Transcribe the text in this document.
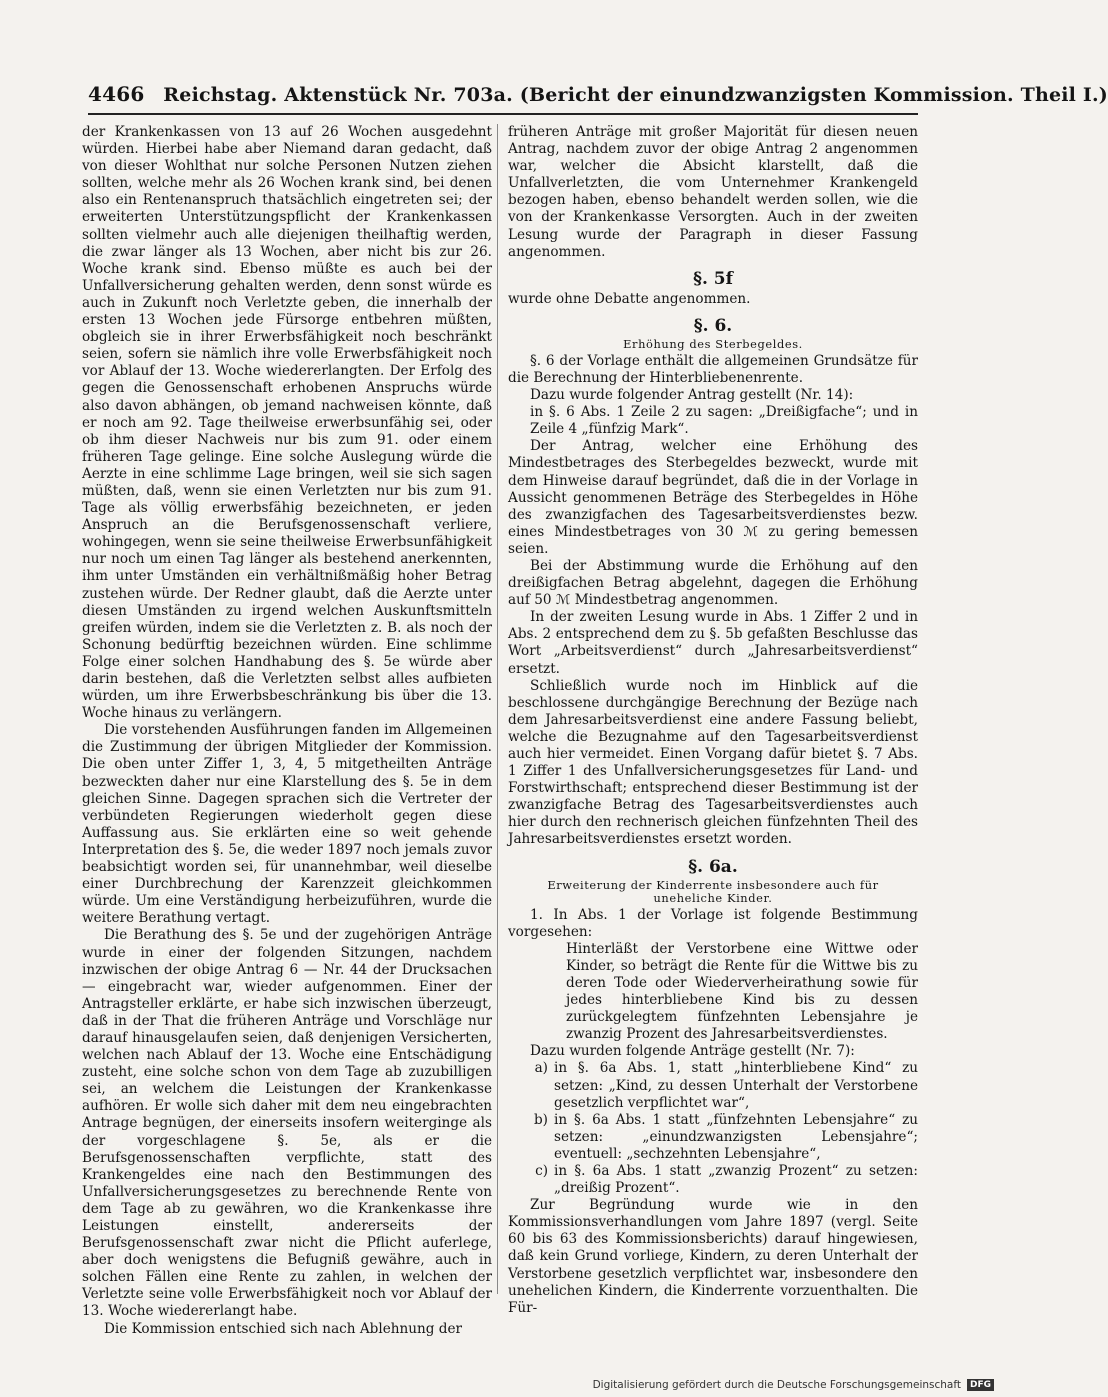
4466 Reichstag. Aktenstück Nr. 703a. (Bericht der einundzwanzigsten Kommission. Theil I.)

der Krankenkassen von 13 auf 26 Wochen ausgedehnt würden. Hierbei habe aber Niemand daran gedacht, daß von dieser Wohlthat nur solche Personen Nutzen ziehen sollten, welche mehr als 26 Wochen krank sind, bei denen also ein Rentenanspruch thatsächlich eingetreten sei; der erweiterten Unterstützungspflicht der Krankenkassen sollten vielmehr auch alle diejenigen theilhaftig werden, die zwar länger als 13 Wochen, aber nicht bis zur 26. Woche krank sind. Ebenso müßte es auch bei der Unfallversicherung gehalten werden, denn sonst würde es auch in Zukunft noch Verletzte geben, die innerhalb der ersten 13 Wochen jede Fürsorge entbehren müßten, obgleich sie in ihrer Erwerbsfähigkeit noch beschränkt seien, sofern sie nämlich ihre volle Erwerbsfähigkeit noch vor Ablauf der 13. Woche wiedererlangten. Der Erfolg des gegen die Genossenschaft erhobenen Anspruchs würde also davon abhängen, ob jemand nachweisen könnte, daß er noch am 92. Tage theilweise erwerbsunfähig sei, oder ob ihm dieser Nachweis nur bis zum 91. oder einem früheren Tage gelinge. Eine solche Auslegung würde die Aerzte in eine schlimme Lage bringen, weil sie sich sagen müßten, daß, wenn sie einen Verletzten nur bis zum 91. Tage als völlig erwerbsfähig bezeichneten, er jeden Anspruch an die Berufsgenossenschaft verliere, wohingegen, wenn sie seine theilweise Erwerbsunfähigkeit nur noch um einen Tag länger als bestehend anerkennten, ihm unter Umständen ein verhältnißmäßig hoher Betrag zustehen würde. Der Redner glaubt, daß die Aerzte unter diesen Umständen zu irgend welchen Auskunftsmitteln greifen würden, indem sie die Verletzten z. B. als noch der Schonung bedürftig bezeichnen würden. Eine schlimme Folge einer solchen Handhabung des §. 5e würde aber darin bestehen, daß die Verletzten selbst alles aufbieten würden, um ihre Erwerbsbeschränkung bis über die 13. Woche hinaus zu verlängern.

Die vorstehenden Ausführungen fanden im Allgemeinen die Zustimmung der übrigen Mitglieder der Kommission. Die oben unter Ziffer 1, 3, 4, 5 mitgetheilten Anträge bezweckten daher nur eine Klarstellung des §. 5e in dem gleichen Sinne. Dagegen sprachen sich die Vertreter der verbündeten Regierungen wiederholt gegen diese Auffassung aus. Sie erklärten eine so weit gehende Interpretation des §. 5e, die weder 1897 noch jemals zuvor beabsichtigt worden sei, für unannehmbar, weil dieselbe einer Durchbrechung der Karenzzeit gleichkommen würde. Um eine Verständigung herbeizuführen, wurde die weitere Berathung vertagt.

Die Berathung des §. 5e und der zugehörigen Anträge wurde in einer der folgenden Sitzungen, nachdem inzwischen der obige Antrag 6 — Nr. 44 der Drucksachen — eingebracht war, wieder aufgenommen. Einer der Antragsteller erklärte, er habe sich inzwischen überzeugt, daß in der That die früheren Anträge und Vorschläge nur darauf hinausgelaufen seien, daß denjenigen Versicherten, welchen nach Ablauf der 13. Woche eine Entschädigung zusteht, eine solche schon von dem Tage ab zuzubilligen sei, an welchem die Leistungen der Krankenkasse aufhören. Er wolle sich daher mit dem neu eingebrachten Antrage begnügen, der einerseits insofern weiterginge als der vorgeschlagene §. 5e, als er die Berufsgenossenschaften verpflichte, statt des Krankengeldes eine nach den Bestimmungen des Unfallversicherungsgesetzes zu berechnende Rente von dem Tage ab zu gewähren, wo die Krankenkasse ihre Leistungen einstellt, andererseits der Berufsgenossenschaft zwar nicht die Pflicht auferlege, aber doch wenigstens die Befugniß gewähre, auch in solchen Fällen eine Rente zu zahlen, in welchen der Verletzte seine volle Erwerbsfähigkeit noch vor Ablauf der 13. Woche wiedererlangt habe.

Die Kommission entschied sich nach Ablehnung der

früheren Anträge mit großer Majorität für diesen neuen Antrag, nachdem zuvor der obige Antrag 2 angenommen war, welcher die Absicht klarstellt, daß die Unfallverletzten, die vom Unternehmer Krankengeld bezogen haben, ebenso behandelt werden sollen, wie die von der Krankenkasse Versorgten. Auch in der zweiten Lesung wurde der Paragraph in dieser Fassung angenommen.

§. 5f

wurde ohne Debatte angenommen.

§. 6.
Erhöhung des Sterbegeldes.

§. 6 der Vorlage enthält die allgemeinen Grundsätze für die Berechnung der Hinterbliebenenrente.

Dazu wurde folgender Antrag gestellt (Nr. 14):

in §. 6 Abs. 1 Zeile 2 zu sagen: „Dreißigfache“; und in Zeile 4 „fünfzig Mark“.

Der Antrag, welcher eine Erhöhung des Mindestbetrages des Sterbegeldes bezweckt, wurde mit dem Hinweise darauf begründet, daß die in der Vorlage in Aussicht genommenen Beträge des Sterbegeldes in Höhe des zwanzigfachen des Tagesarbeitsverdienstes bezw. eines Mindestbetrages von 30 ℳ zu gering bemessen seien.

Bei der Abstimmung wurde die Erhöhung auf den dreißigfachen Betrag abgelehnt, dagegen die Erhöhung auf 50 ℳ Mindestbetrag angenommen.

In der zweiten Lesung wurde in Abs. 1 Ziffer 2 und in Abs. 2 entsprechend dem zu §. 5b gefaßten Beschlusse das Wort „Arbeitsverdienst“ durch „Jahresarbeitsverdienst“ ersetzt.

Schließlich wurde noch im Hinblick auf die beschlossene durchgängige Berechnung der Bezüge nach dem Jahresarbeitsverdienst eine andere Fassung beliebt, welche die Bezugnahme auf den Tagesarbeitsverdienst auch hier vermeidet. Einen Vorgang dafür bietet §. 7 Abs. 1 Ziffer 1 des Unfallversicherungsgesetzes für Land- und Forstwirthschaft; entsprechend dieser Bestimmung ist der zwanzigfache Betrag des Tagesarbeitsverdienstes auch hier durch den rechnerisch gleichen fünfzehnten Theil des Jahresarbeitsverdienstes ersetzt worden.

§. 6a.
Erweiterung der Kinderrente insbesondere auch für uneheliche Kinder.

1. In Abs. 1 der Vorlage ist folgende Bestimmung vorgesehen:

Hinterläßt der Verstorbene eine Wittwe oder Kinder, so beträgt die Rente für die Wittwe bis zu deren Tode oder Wiederverheirathung sowie für jedes hinterbliebene Kind bis zu dessen zurückgelegtem fünfzehnten Lebensjahre je zwanzig Prozent des Jahresarbeitsverdienstes.

Dazu wurden folgende Anträge gestellt (Nr. 7):

a) in §. 6a Abs. 1, statt „hinterbliebene Kind“ zu setzen: „Kind, zu dessen Unterhalt der Verstorbene gesetzlich verpflichtet war“,
b) in §. 6a Abs. 1 statt „fünfzehnten Lebensjahre“ zu setzen: „einundzwanzigsten Lebensjahre“; eventuell: „sechzehnten Lebensjahre“,
c) in §. 6a Abs. 1 statt „zwanzig Prozent“ zu setzen: „dreißig Prozent“.

Zur Begründung wurde wie in den Kommissionsverhandlungen vom Jahre 1897 (vergl. Seite 60 bis 63 des Kommissionsberichts) darauf hingewiesen, daß kein Grund vorliege, Kindern, zu deren Unterhalt der Verstorbene gesetzlich verpflichtet war, insbesondere den unehelichen Kindern, die Kinderrente vorzuenthalten. Die Für-

Digitalisierung gefördert durch die Deutsche Forschungsgemeinschaft	DFG
